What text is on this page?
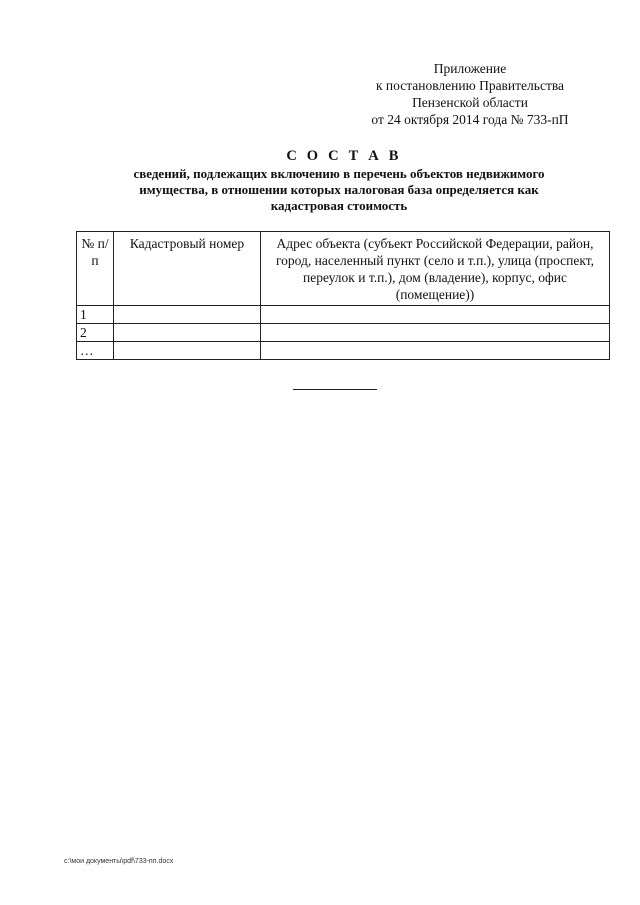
Приложение
к постановлению Правительства
Пензенской области
от 24 октября 2014 года № 733-пП
С О С Т А В
сведений, подлежащих включению в перечень объектов недвижимого имущества, в отношении которых налоговая база определяется как кадастровая стоимость
№ п/п	Кадастровый номер	Адрес объекта (субъект Российской Федерации, район, город, населенный пункт (село и т.п.), улица (проспект, переулок и т.п.), дом (владение), корпус, офис (помещение))
1		
2		
…		
c:\мои документы\pdf\733-пп.docx
